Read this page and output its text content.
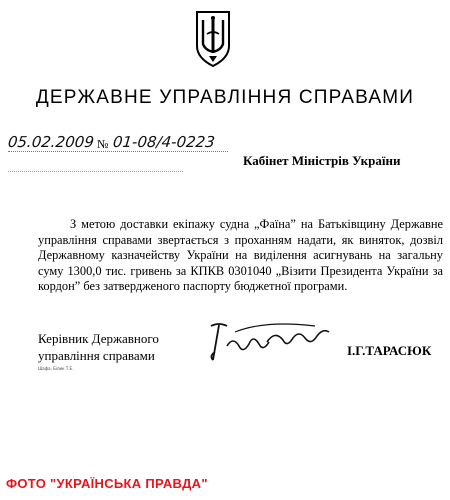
ДЕРЖАВНЕ УПРАВЛІННЯ СПРАВАМИ
05.02.2009 № 01-08/4-0223
Кабінет Міністрів України
З метою доставки екіпажу судна „Фаїна” на Батьківщину Державне управління справами звертається з проханням надати, як виняток, дозвіл Державному казначейству України на виділення асигнувань на загальну суму 1300,0 тис. гривень за КПКВ 0301040 „Візити Президента України за кордон” без затвердженого паспорту бюджетної програми.
Керівник Державного
управління справами	І.Г.ТАРАСЮК
Шафа, Білик Т.Е.
ФОТО "УКРАЇНСЬКА ПРАВДА"
